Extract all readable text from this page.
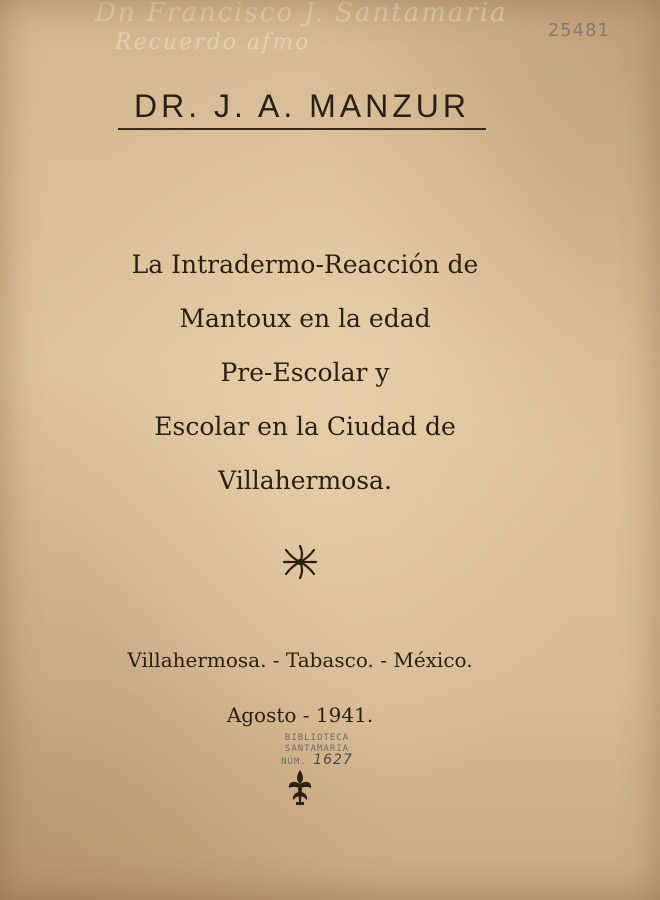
Dn Francisco J. Santamaria
Recuerdo afmo	25481

DR. J. A. MANZUR

La Intradermo-Reacción de

Mantoux en la edad

Pre-Escolar y

Escolar en la Ciudad de

Villahermosa.

Villahermosa. - Tabasco. - México.

Agosto - 1941.

BIBLIOTECA
SANTAMARIA
NÚM. 1627
